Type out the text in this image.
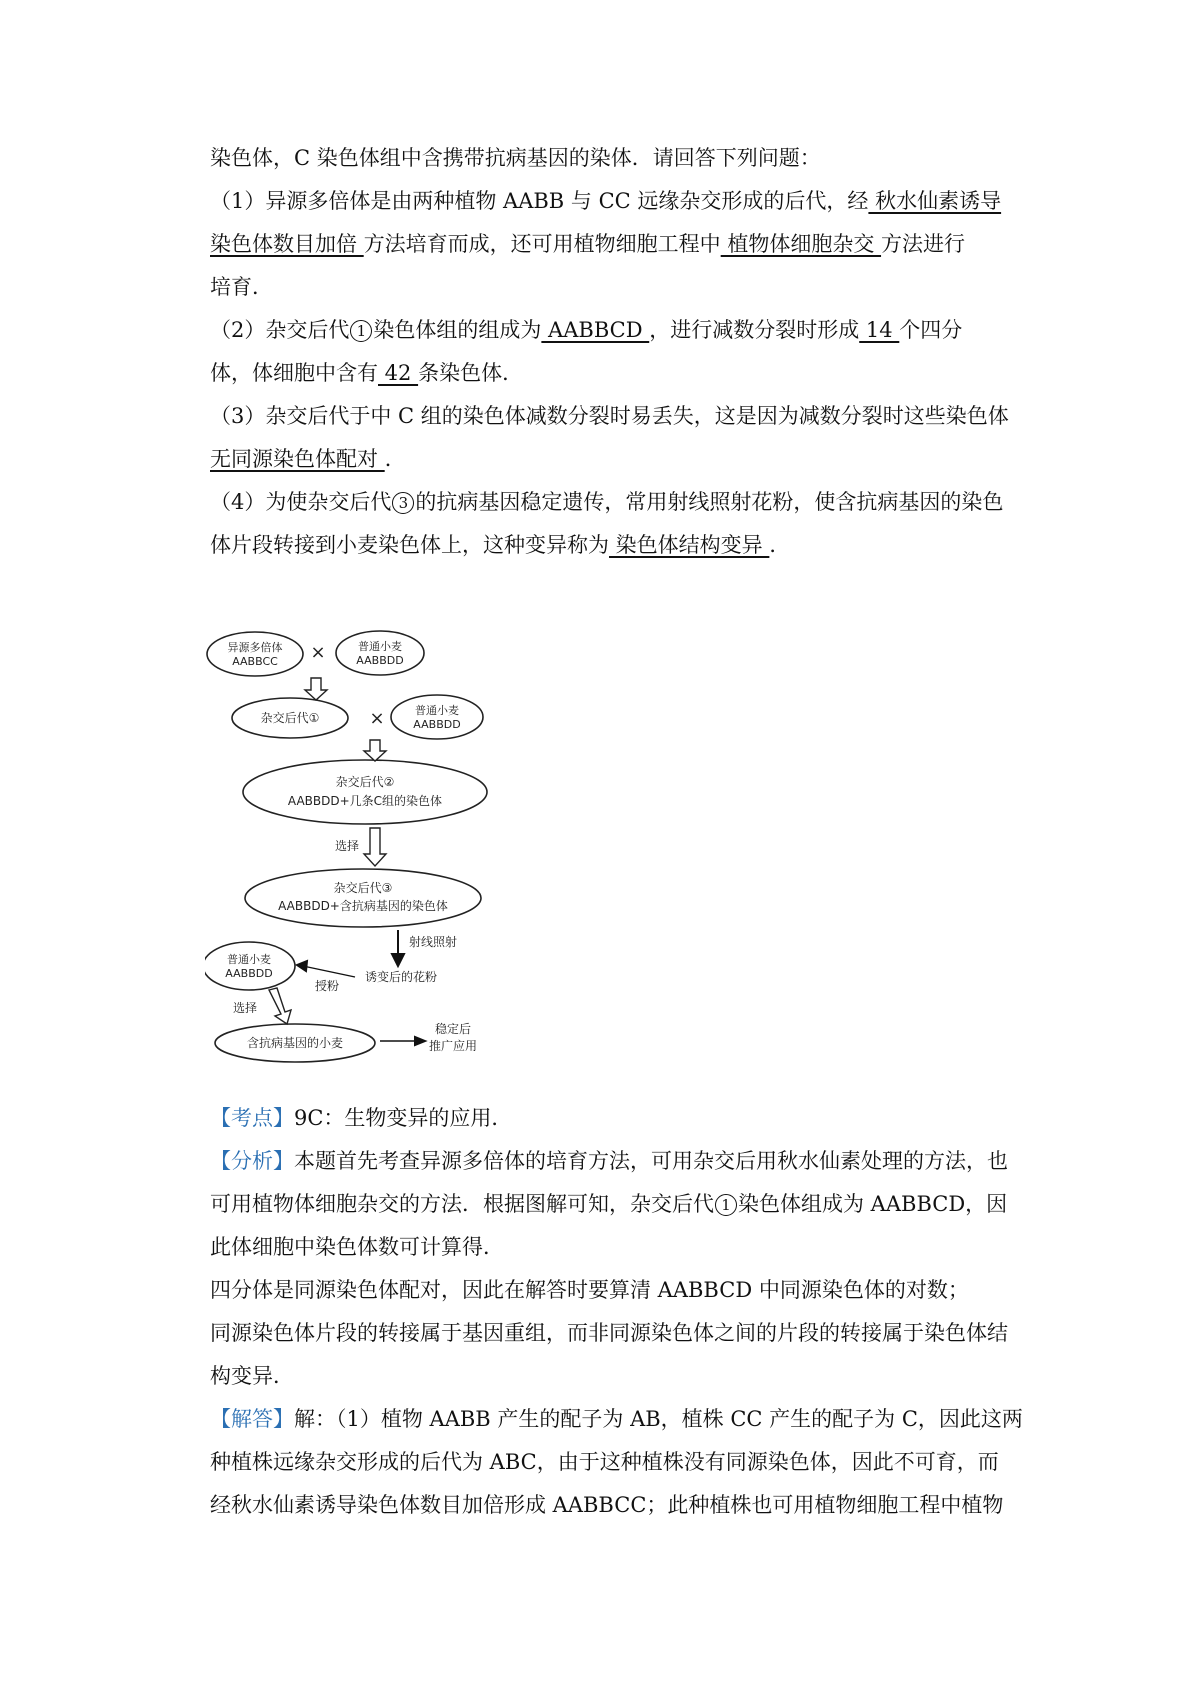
染色体，C 染色体组中含携带抗病基因的染体．请回答下列问题：
（1）异源多倍体是由两种植物 AABB 与 CC 远缘杂交形成的后代，经 秋水仙素诱导
染色体数目加倍 方法培育而成，还可用植物细胞工程中 植物体细胞杂交 方法进行
培育．
（2）杂交后代 1 染色体组的组成为 AABBCD ，进行减数分裂时形成 14 个四分
体，体细胞中含有 42 条染色体．
（3）杂交后代于中 C 组的染色体减数分裂时易丢失，这是因为减数分裂时这些染色体
无同源染色体配对 ．
（4）为使杂交后代 3 的抗病基因稳定遗传，常用射线照射花粉，使含抗病基因的染色
体片段转接到小麦染色体上，这种变异称为 染色体结构变异 ．
异源多倍体
AABBCC ×	普通小麦
AABBDD
杂交后代①	×	普通小麦
AABBDD
杂交后代②
AABBDD+几条C组的染色体
选择
杂交后代③
AABBDD+含抗病基因的染色体
射线照射
普通小麦
AABBDD
授粉
诱变后的花粉
选择
含抗病基因的小麦
稳定后
推广应用
【考点】9C：生物变异的应用．
【分析】本题首先考查异源多倍体的培育方法，可用杂交后用秋水仙素处理的方法，也
可用植物体细胞杂交的方法．根据图解可知，杂交后代 1 染色体组成为 AABBCD，因
此体细胞中染色体数可计算得．
四分体是同源染色体配对，因此在解答时要算清 AABBCD 中同源染色体的对数；
同源染色体片段的转接属于基因重组，而非同源染色体之间的片段的转接属于染色体结
构变异．
【解答】解：（1）植物 AABB 产生的配子为 AB，植株 CC 产生的配子为 C，因此这两
种植株远缘杂交形成的后代为 ABC，由于这种植株没有同源染色体，因此不可育，而
经秋水仙素诱导染色体数目加倍形成 AABBCC；此种植株也可用植物细胞工程中植物
